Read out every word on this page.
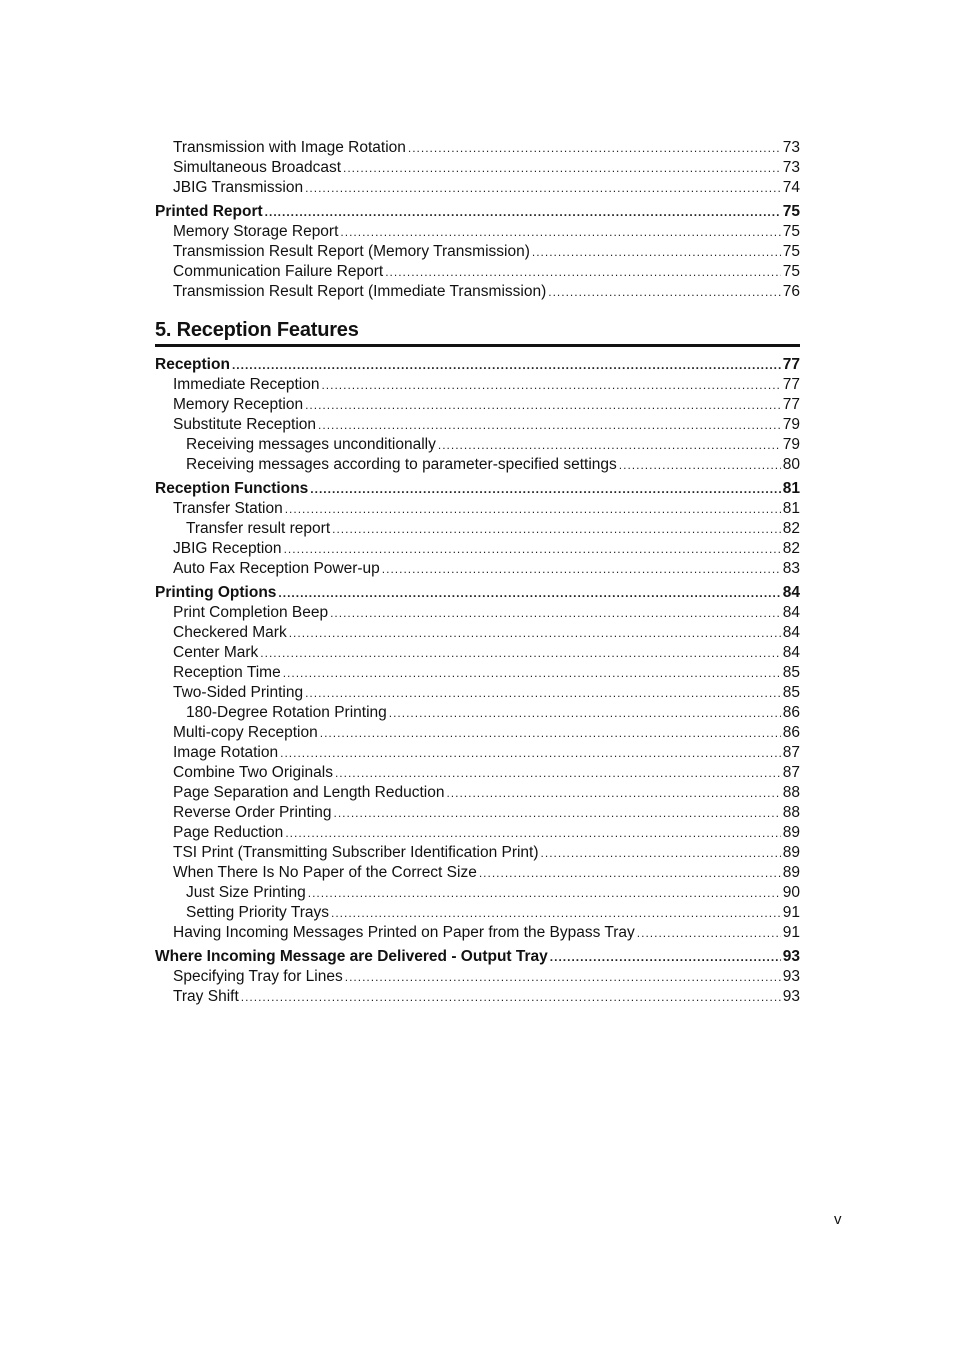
Transmission with Image Rotation .....	73
Simultaneous Broadcast .....	73
JBIG Transmission .....	74
Printed Report .....	75
Memory Storage Report .....	75
Transmission Result Report (Memory Transmission) .....	75
Communication Failure Report .....	75
Transmission Result Report (Immediate Transmission) .....	76
5. Reception Features
Reception .....	77
Immediate Reception .....	77
Memory Reception .....	77
Substitute Reception .....	79
Receiving messages unconditionally .....	79
Receiving messages according to parameter-specified settings .....	80
Reception Functions .....	81
Transfer Station .....	81
Transfer result report .....	82
JBIG Reception .....	82
Auto Fax Reception Power-up .....	83
Printing Options .....	84
Print Completion Beep .....	84
Checkered Mark .....	84
Center Mark .....	84
Reception Time .....	85
Two-Sided Printing .....	85
180-Degree Rotation Printing .....	86
Multi-copy Reception .....	86
Image Rotation .....	87
Combine Two Originals .....	87
Page Separation and Length Reduction .....	88
Reverse Order Printing .....	88
Page Reduction .....	89
TSI Print (Transmitting Subscriber Identification Print) .....	89
When There Is No Paper of the Correct Size .....	89
Just Size Printing .....	90
Setting Priority Trays .....	91
Having Incoming Messages Printed on Paper from the Bypass Tray .....	91
Where Incoming Message are Delivered - Output Tray .....	93
Specifying Tray for Lines .....	93
Tray Shift .....	93
v
